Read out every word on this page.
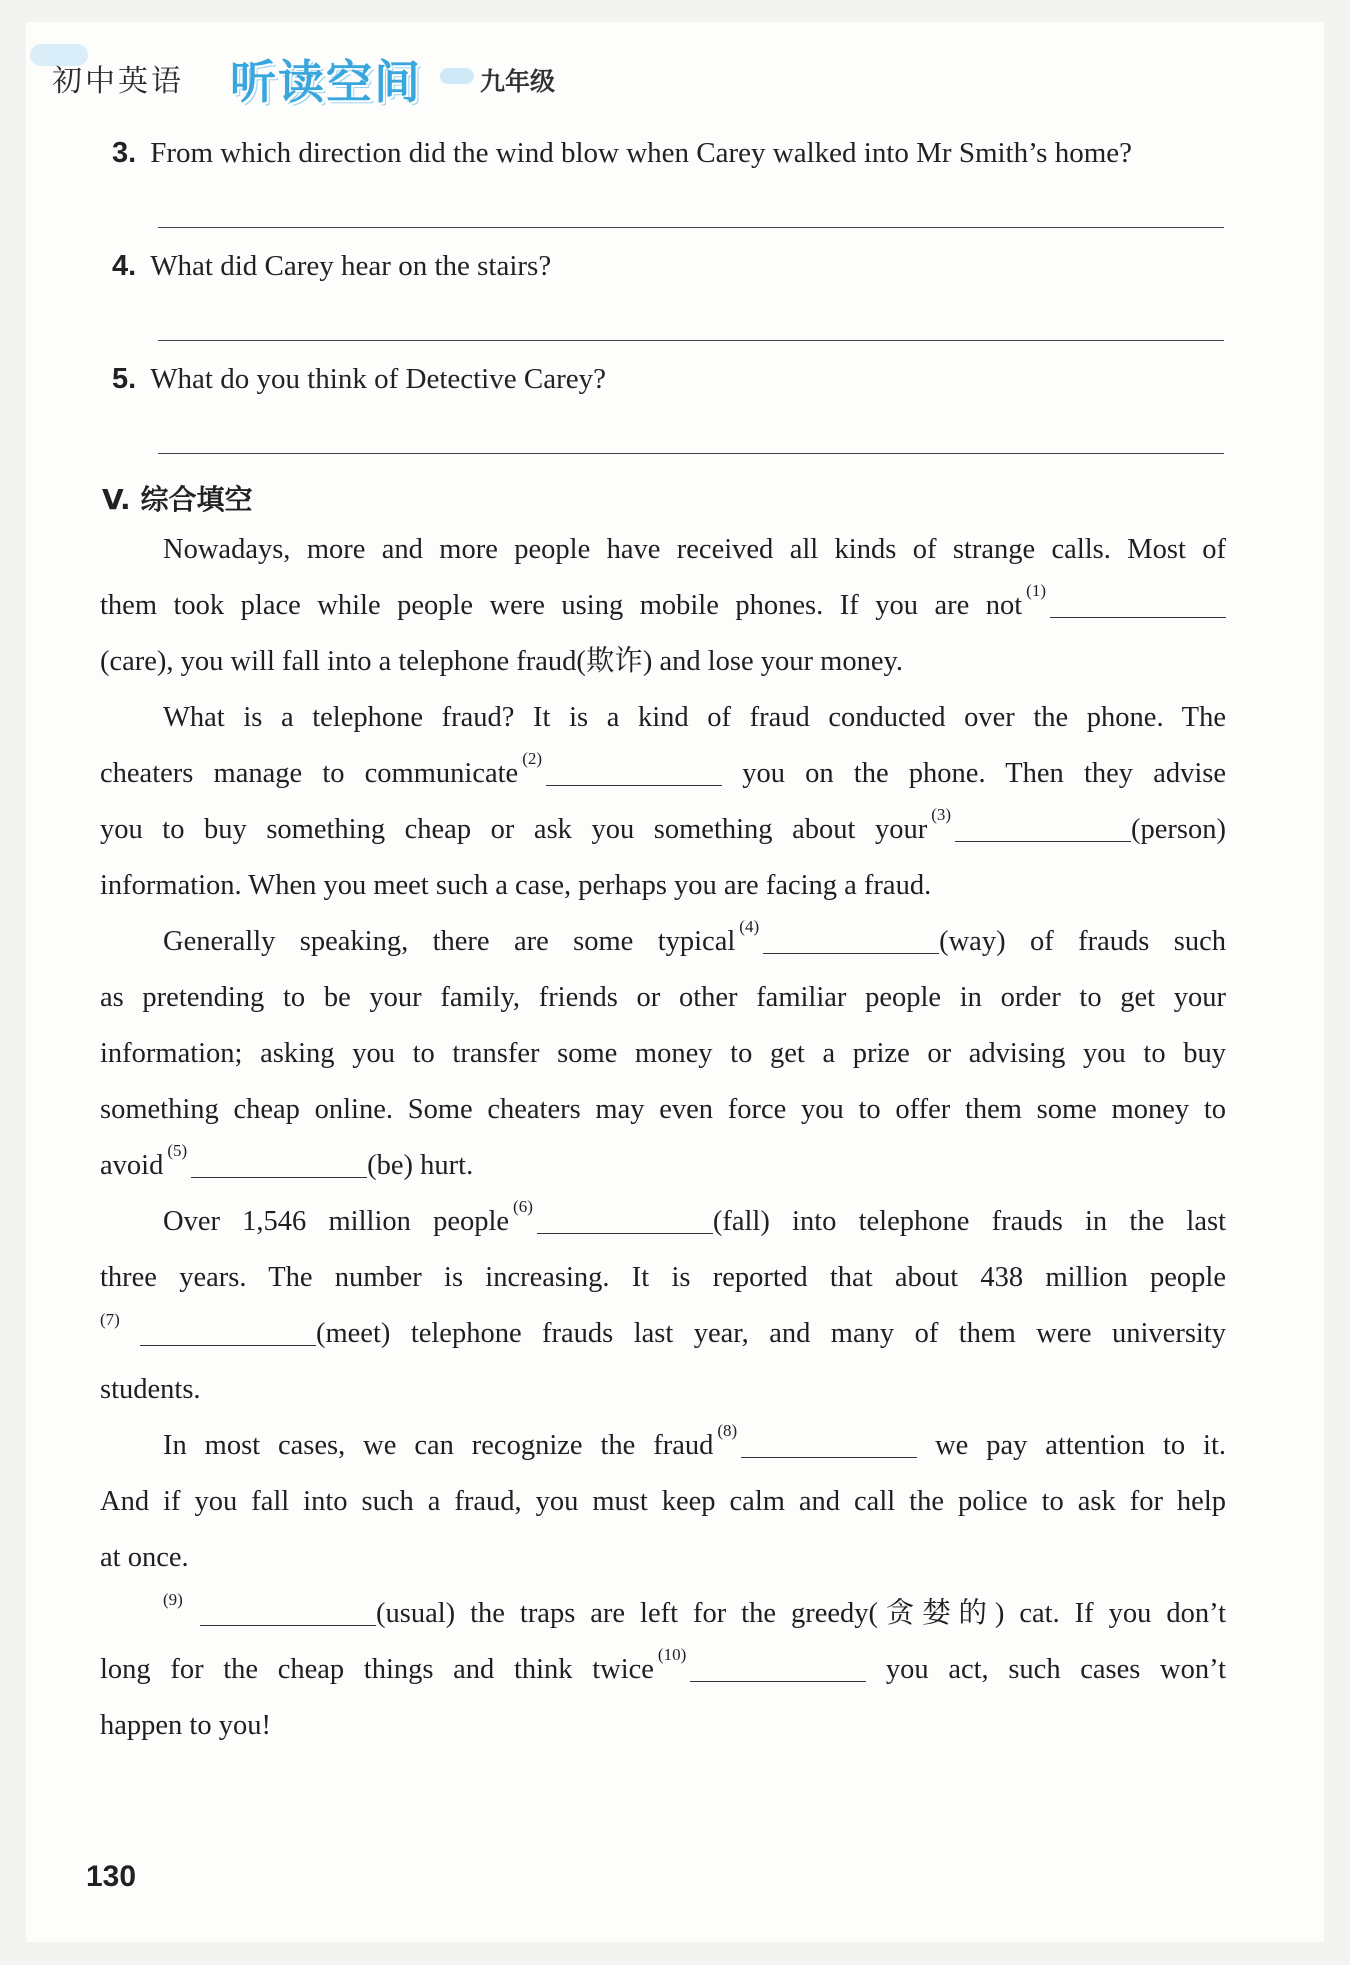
初中英语 听读空间 九年级
3. From which direction did the wind blow when Carey walked into Mr Smith’s home?
4. What did Carey hear on the stairs?
5. What do you think of Detective Carey?
V. 综合填空
Nowadays, more and more people have received all kinds of strange calls. Most of
them took place while people were using mobile phones. If you are not $^{(1)}$
(care), you will fall into a telephone fraud(欺诈) and lose your money.
What is a telephone fraud? It is a kind of fraud conducted over the phone. The
cheaters manage to communicate $^{(2)}$	you on the phone. Then they advise
you to buy something cheap or ask you something about your $^{(3)}$	(person)
information. When you meet such a case, perhaps you are facing a fraud.
Generally speaking, there are some typical $^{(4)}$	(way) of frauds such
as pretending to be your family, friends or other familiar people in order to get your
information; asking you to transfer some money to get a prize or advising you to buy
something cheap online. Some cheaters may even force you to offer them some money to
avoid $^{(5)}$	(be) hurt.
Over 1,546 million people $^{(6)}$	(fall) into telephone frauds in the last
three years. The number is increasing. It is reported that about 438 million people
(7)	(meet) telephone frauds last year, and many of them were university
students.
In most cases, we can recognize the fraud $^{(8)}$	we pay attention to it.
And if you fall into such a fraud, you must keep calm and call the police to ask for help
at once.
(9)	(usual) the traps are left for the greedy(贪婪的) cat. If you don’t
long for the cheap things and think twice $^{(10)}$	you act, such cases won’t
happen to you!
130
